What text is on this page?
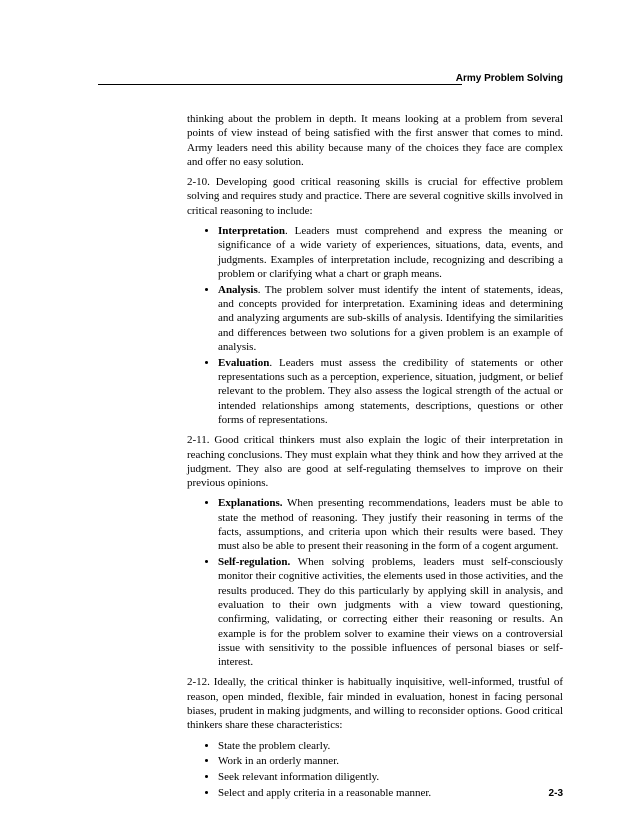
Army Problem Solving

thinking about the problem in depth. It means looking at a problem from several points of view instead of being satisfied with the first answer that comes to mind. Army leaders need this ability because many of the choices they face are complex and offer no easy solution.

2-10. Developing good critical reasoning skills is crucial for effective problem solving and requires study and practice. There are several cognitive skills involved in critical reasoning to include:

• Interpretation. Leaders must comprehend and express the meaning or significance of a wide variety of experiences, situations, data, events, and judgments. Examples of interpretation include, recognizing and describing a problem or clarifying what a chart or graph means.
• Analysis. The problem solver must identify the intent of statements, ideas, and concepts provided for interpretation. Examining ideas and determining and analyzing arguments are sub-skills of analysis. Identifying the similarities and differences between two solutions for a given problem is an example of analysis.
• Evaluation. Leaders must assess the credibility of statements or other representations such as a perception, experience, situation, judgment, or belief relevant to the problem. They also assess the logical strength of the actual or intended relationships among statements, descriptions, questions or other forms of representations.

2-11. Good critical thinkers must also explain the logic of their interpretation in reaching conclusions. They must explain what they think and how they arrived at the judgment. They also are good at self-regulating themselves to improve on their previous opinions.

• Explanations. When presenting recommendations, leaders must be able to state the method of reasoning. They justify their reasoning in terms of the facts, assumptions, and criteria upon which their results were based. They must also be able to present their reasoning in the form of a cogent argument.
• Self-regulation. When solving problems, leaders must self-consciously monitor their cognitive activities, the elements used in those activities, and the results produced. They do this particularly by applying skill in analysis, and evaluation to their own judgments with a view toward questioning, confirming, validating, or correcting either their reasoning or results. An example is for the problem solver to examine their views on a controversial issue with sensitivity to the possible influences of personal biases or self-interest.

2-12. Ideally, the critical thinker is habitually inquisitive, well-informed, trustful of reason, open minded, flexible, fair minded in evaluation, honest in facing personal biases, prudent in making judgments, and willing to reconsider options. Good critical thinkers share these characteristics:

• State the problem clearly.
• Work in an orderly manner.
• Seek relevant information diligently.
• Select and apply criteria in a reasonable manner.	2-3
